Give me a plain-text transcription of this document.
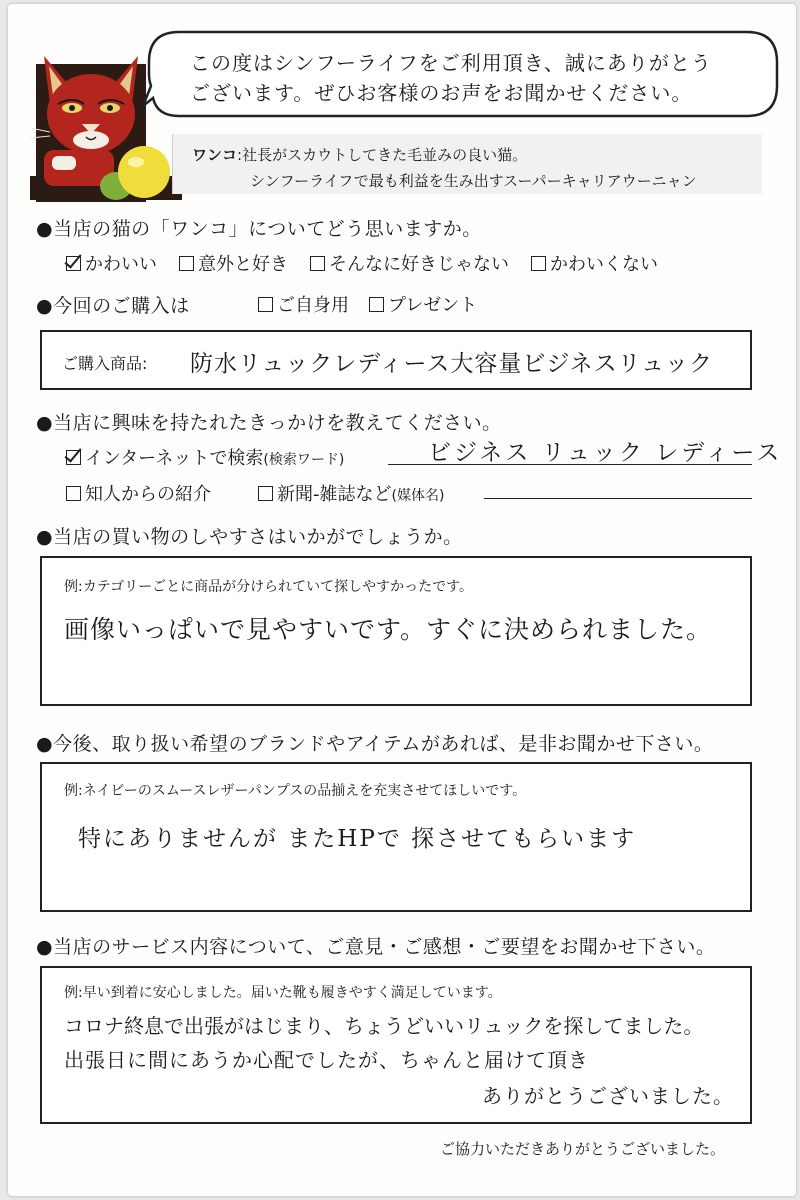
この度はシンフーライフをご利用頂き、誠にありがとう
ございます。ぜひお客様のお声をお聞かせください。
ワンコ:社長がスカウトしてきた毛並みの良い猫。
シンフーライフで最も利益を生み出すスーパーキャリアウーニャン
●当店の猫の「ワンコ」についてどう思いますか。
かわいい	意外と好き	そんなに好きじゃない	かわいくない
●今回のご購入は	ご自身用	プレゼント
ご購入商品: 防水リュックレディース大容量ビジネスリュック
●当店に興味を持たれたきっかけを教えてください。
インターネットで検索(検索ワード)	ビジネス リュック レディース
知人からの紹介	新聞-雑誌など(媒体名)
●当店の買い物のしやすさはいかがでしょうか。
例:カテゴリーごとに商品が分けられていて探しやすかったです。
画像いっぱいで見やすいです。すぐに決められました。
●今後、取り扱い希望のブランドやアイテムがあれば、是非お聞かせ下さい。
例:ネイビーのスムースレザーパンプスの品揃えを充実させてほしいです。
特にありませんが またHPで 探させてもらいます
●当店のサービス内容について、ご意見・ご感想・ご要望をお聞かせ下さい。
例:早い到着に安心しました。届いた靴も履きやすく満足しています。
コロナ終息で出張がはじまり、ちょうどいいリュックを探してました。
出張日に間にあうか心配でしたが、ちゃんと届けて頂き
ありがとうございました。
ご協力いただきありがとうございました。
